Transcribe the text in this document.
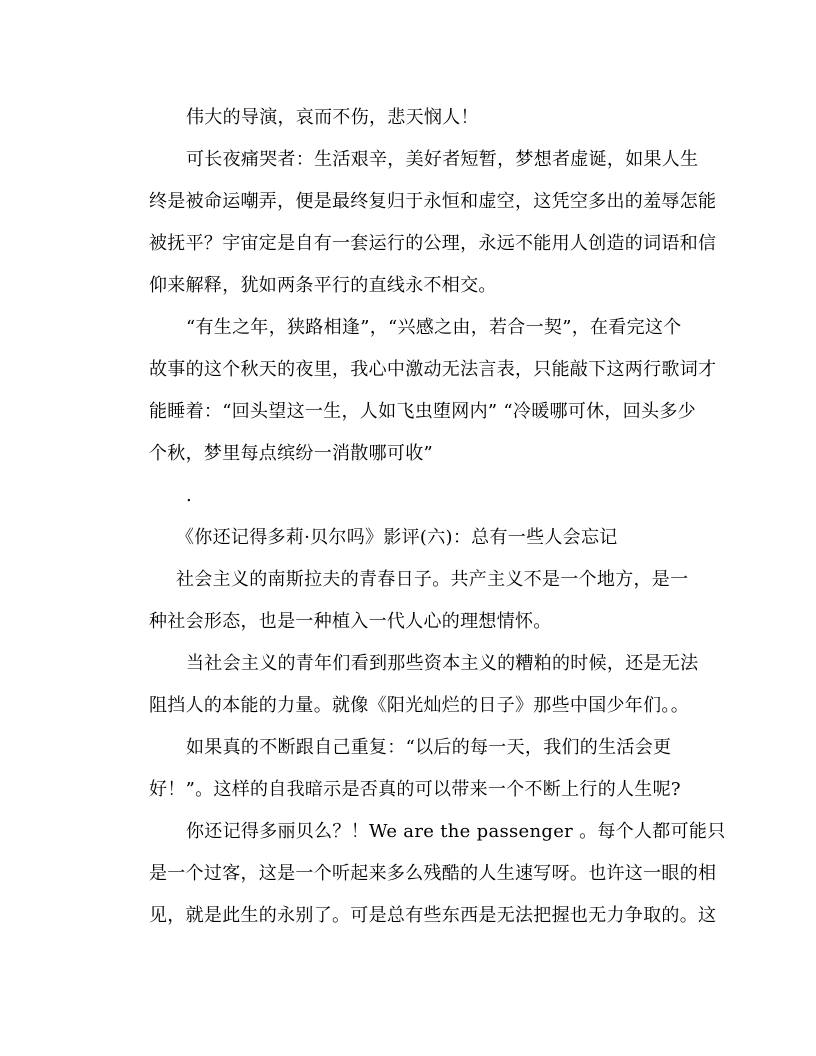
伟大的导演，哀而不伤，悲天悯人！
可长夜痛哭者：生活艰辛，美好者短暂，梦想者虚诞，如果人生
终是被命运嘲弄，便是最终复归于永恒和虚空，这凭空多出的羞辱怎能
被抚平？宇宙定是自有一套运行的公理，永远不能用人创造的词语和信
仰来解释，犹如两条平行的直线永不相交。
“有生之年，狭路相逢”，“兴感之由，若合一契”，在看完这个
故事的这个秋天的夜里，我心中激动无法言表，只能敲下这两行歌词才
能睡着：“回头望这一生，人如飞虫堕网内” “冷暖哪可休，回头多少
个秋，梦里每点缤纷一消散哪可收”
.
《你还记得多莉·贝尔吗》影评(六)：总有一些人会忘记
社会主义的南斯拉夫的青春日子。共产主义不是一个地方，是一
种社会形态，也是一种植入一代人心的理想情怀。
当社会主义的青年们看到那些资本主义的糟粕的时候，还是无法
阻挡人的本能的力量。就像《阳光灿烂的日子》那些中国少年们。。
如果真的不断跟自己重复：“以后的每一天，我们的生活会更
好！”。这样的自我暗示是否真的可以带来一个不断上行的人生呢?
你还记得多丽贝么？！We are the passenger 。每个人都可能只
是一个过客，这是一个听起来多么残酷的人生速写呀。也许这一眼的相
见，就是此生的永别了。可是总有些东西是无法把握也无力争取的。这
